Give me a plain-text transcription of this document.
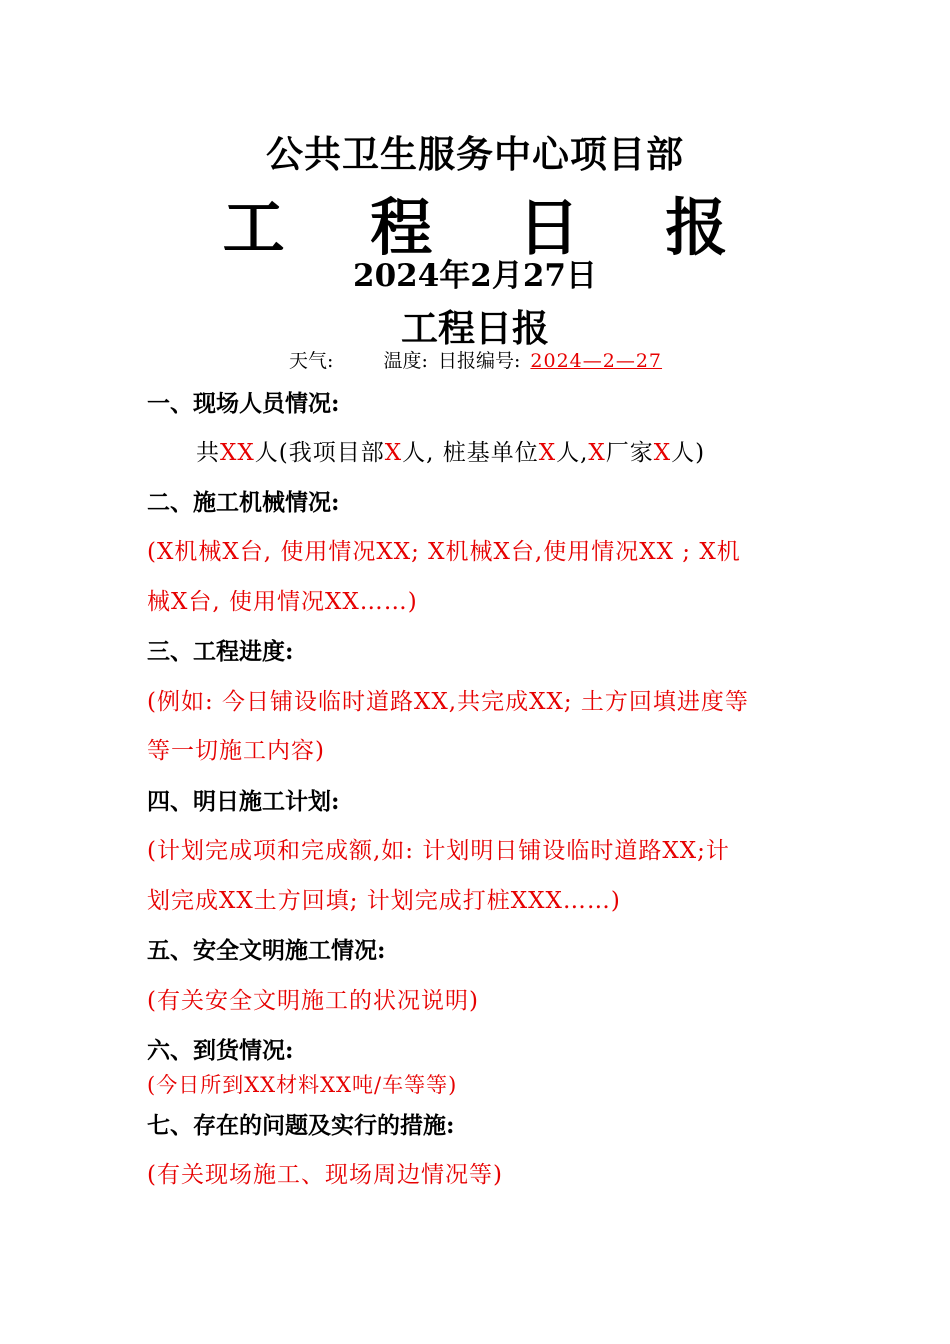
公共卫生服务中心项目部
工 程 日 报
2024年2月27日
工程日报
天气:	温度: 日报编号: 2024—2—27
一、现场人员情况:
共XX人(我项目部X人, 桩基单位X人,X厂家X人)
二、施工机械情况:
(X机械X台, 使用情况XX; X机械X台,使用情况XX ; X机
械X台, 使用情况XX……)
三、工程进度:
(例如: 今日铺设临时道路XX,共完成XX; 土方回填进度等
等一切施工内容)
四、明日施工计划:
(计划完成项和完成额,如: 计划明日铺设临时道路XX;计
划完成XX土方回填; 计划完成打桩XXX……)
五、安全文明施工情况:
(有关安全文明施工的状况说明)
六、到货情况:
(今日所到XX材料XX吨/车等等)
七、存在的问题及实行的措施:
(有关现场施工、现场周边情况等)
